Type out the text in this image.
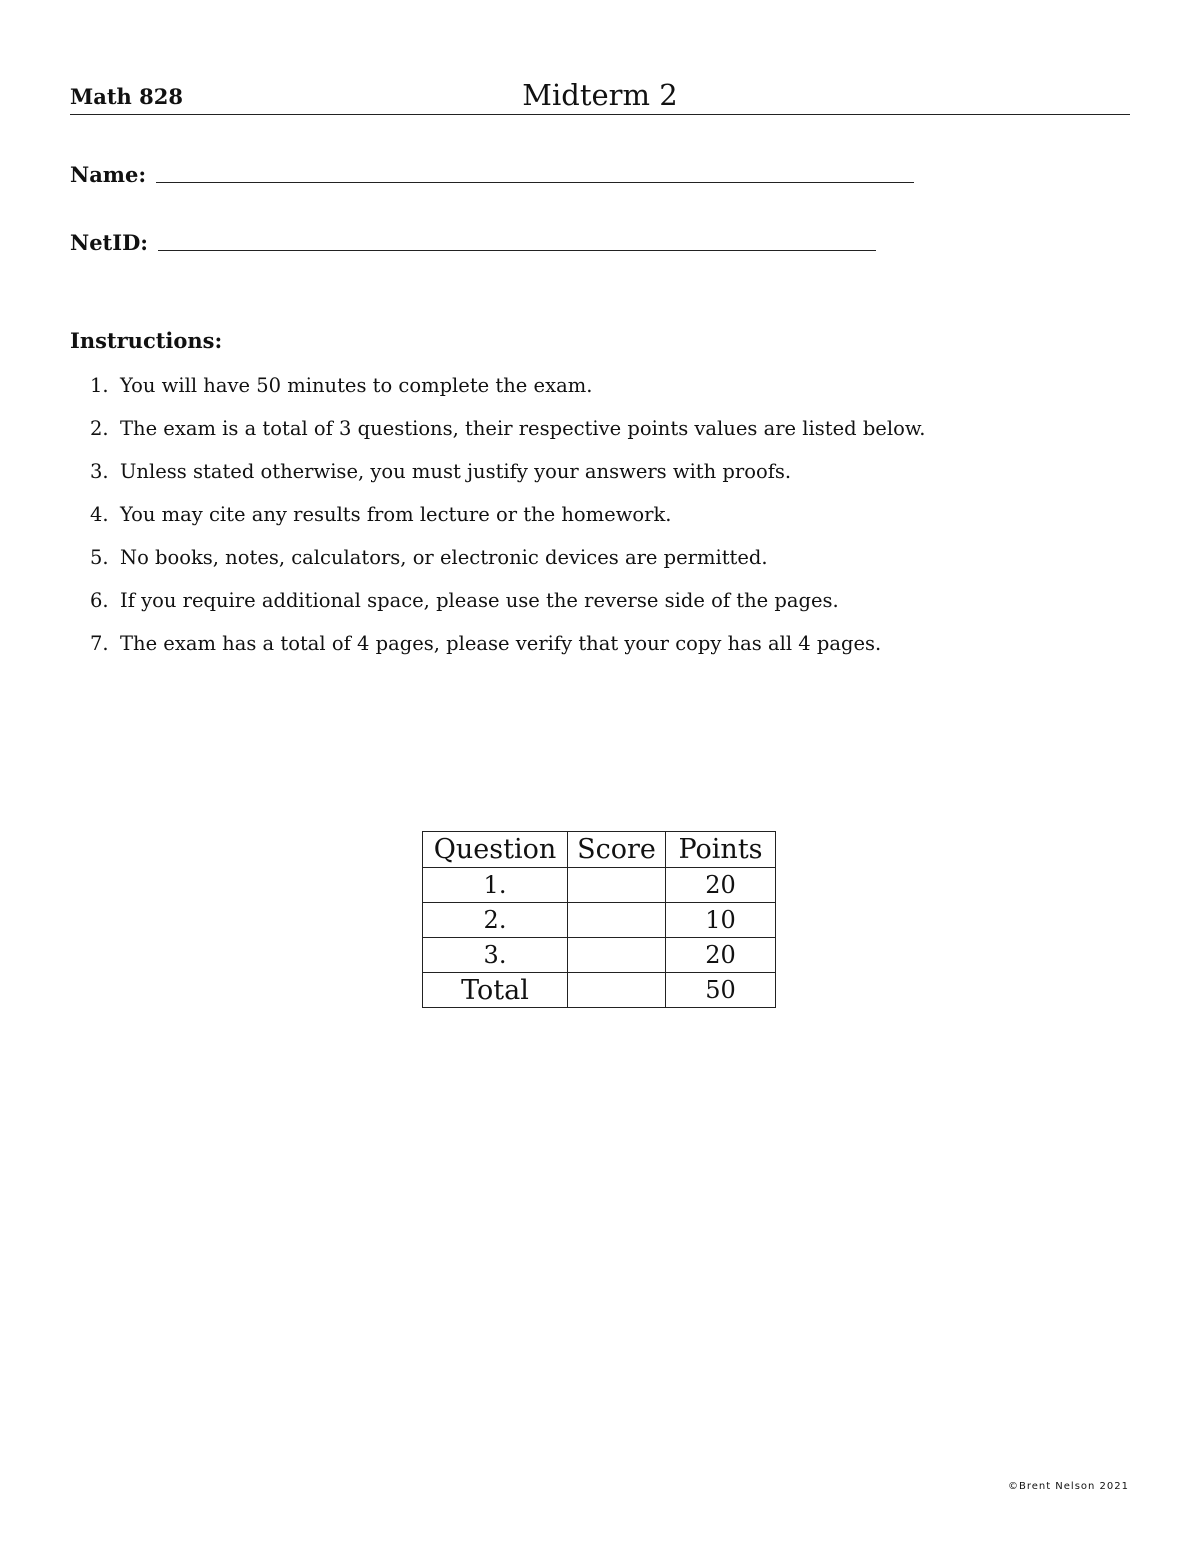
Math 828	Midterm 2
Name:
NetID:
Instructions:
1. You will have 50 minutes to complete the exam.
2. The exam is a total of 3 questions, their respective points values are listed below.
3. Unless stated otherwise, you must justify your answers with proofs.
4. You may cite any results from lecture or the homework.
5. No books, notes, calculators, or electronic devices are permitted.
6. If you require additional space, please use the reverse side of the pages.
7. The exam has a total of 4 pages, please verify that your copy has all 4 pages.
Question	Score	Points
1.		20
2.		10
3.		20
Total		50
©Brent Nelson 2021
